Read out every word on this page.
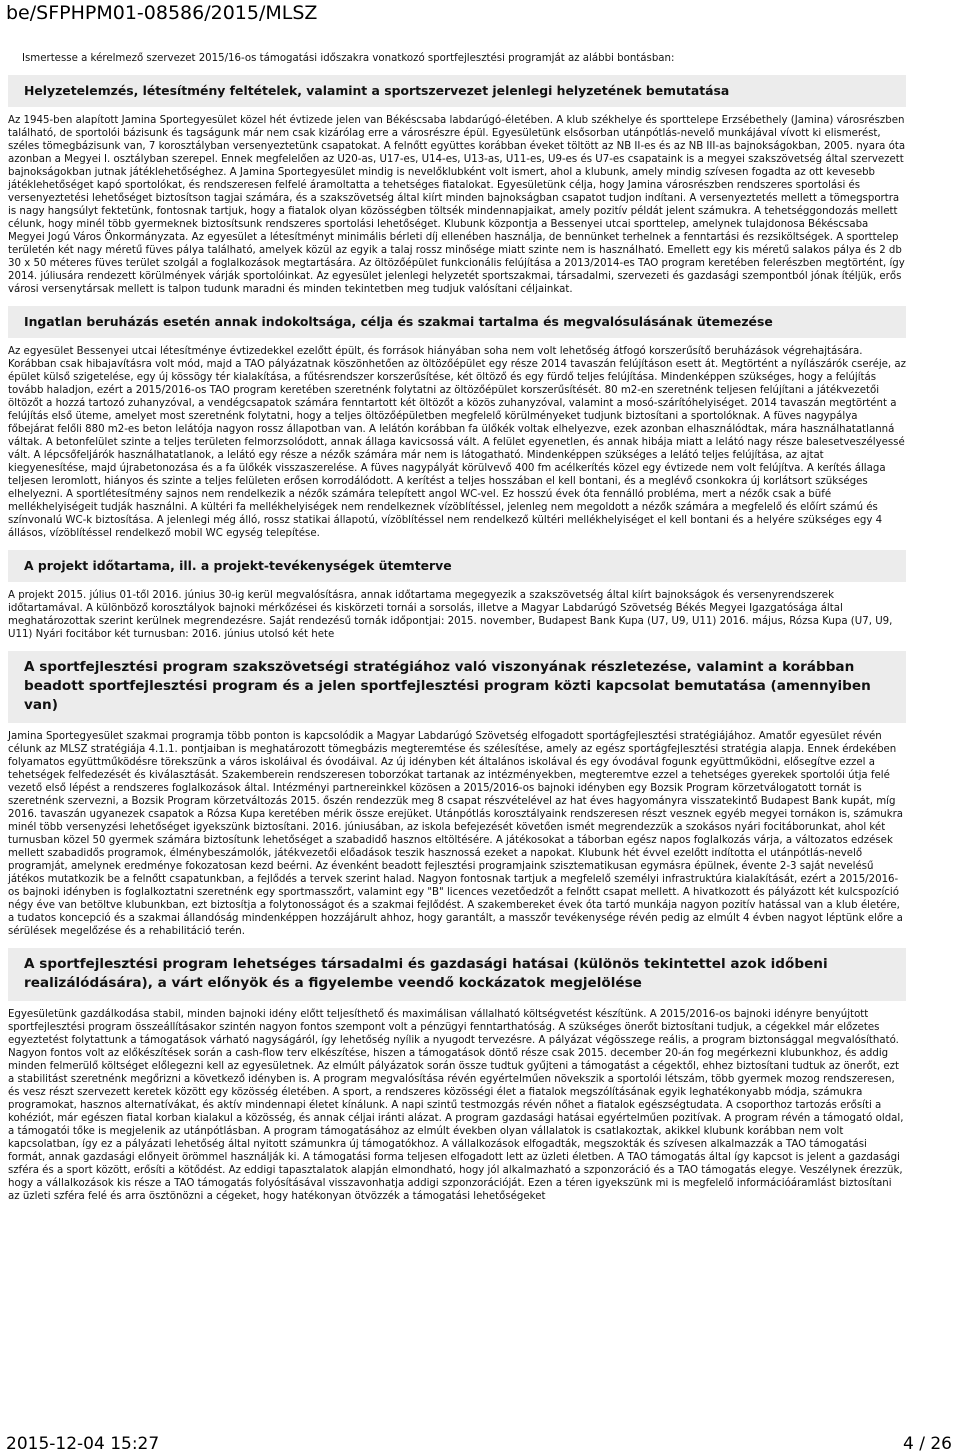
be/SFPHPM01-08586/2015/MLSZ

Ismertesse a kérelmező szervezet 2015/16-os támogatási időszakra vonatkozó sportfejlesztési programját az alábbi bontásban:

Helyzetelemzés, létesítmény feltételek, valamint a sportszervezet jelenlegi helyzetének bemutatása

Az 1945-ben alapított Jamina Sportegyesület közel hét évtizede jelen van Békéscsaba labdarúgó-életében. A klub székhelye és sporttelepe Erzsébethely (Jamina) városrészben található, de sportolói bázisunk és tagságunk már nem csak kizárólag erre a városrészre épül. Egyesületünk elsősorban utánpótlás-nevelő munkájával vívott ki elismerést, széles tömegbázisunk van, 7 korosztályban versenyeztetünk csapatokat. A felnőtt együttes korábban éveket töltött az NB II-es és az NB III-as bajnokságokban, 2005. nyara óta azonban a Megyei I. osztályban szerepel. Ennek megfelelően az U20-as, U17-es, U14-es, U13-as, U11-es, U9-es és U7-es csapataink is a megyei szakszövetség által szervezett bajnokságokban jutnak játéklehetőséghez. A Jamina Sportegyesület mindig is nevelőklubként volt ismert, ahol a klubunk, amely mindig szívesen fogadta az ott kevesebb játéklehetőséget kapó sportolókat, és rendszeresen felfelé áramoltatta a tehetséges fiatalokat. Egyesületünk célja, hogy Jamina városrészben rendszeres sportolási és versenyeztetési lehetőséget biztosítson tagjai számára, és a szakszövetség által kiírt minden bajnokságban csapatot tudjon indítani. A versenyeztetés mellett a tömegsportra is nagy hangsúlyt fektetünk, fontosnak tartjuk, hogy a fiatalok olyan közösségben töltsék mindennapjaikat, amely pozitív példát jelent számukra. A tehetséggondozás mellett célunk, hogy minél több gyermeknek biztosítsunk rendszeres sportolási lehetőséget. Klubunk központja a Bessenyei utcai sporttelep, amelynek tulajdonosa Békéscsaba Megyei Jogú Város Önkormányzata. Az egyesület a létesítményt minimális bérleti díj ellenében használja, de bennünket terhelnek a fenntartási és rezsiköltségek. A sporttelep területén két nagy méretű füves pálya található, amelyek közül az egyik a talaj rossz minősége miatt szinte nem is használható. Emellett egy kis méretű salakos pálya és 2 db 30 x 50 méteres füves terület szolgál a foglalkozások megtartására. Az öltözőépület funkcionális felújítása a 2013/2014-es TAO program keretében felerészben megtörtént, így 2014. júliusára rendezett körülmények várják sportolóinkat. Az egyesület jelenlegi helyzetét sportszakmai, társadalmi, szervezeti és gazdasági szempontból jónak ítéljük, erős városi versenytársak mellett is talpon tudunk maradni és minden tekintetben meg tudjuk valósítani céljainkat.

Ingatlan beruházás esetén annak indokoltsága, célja és szakmai tartalma és megvalósulásának ütemezése

Az egyesület Bessenyei utcai létesítménye évtizedekkel ezelőtt épült, és források hiányában soha nem volt lehetőség átfogó korszerűsítő beruházások végrehajtására. Korábban csak hibajavításra volt mód, majd a TAO pályázatnak köszönhetően az öltözőépület egy része 2014 tavaszán felújításon esett át. Megtörtént a nyílászárók cseréje, az épület külső szigetelése, egy új kössögy tér kialakítása, a fűtésrendszer korszerűsítése, két öltöző és egy fürdő teljes felújítása. Mindenképpen szükséges, hogy a felújítás tovább haladjon, ezért a 2015/2016-os TAO program keretében szeretnénk folytatni az öltözőépület korszerűsítését. 80 m2-en szeretnénk teljesen felújítani a játékvezetői öltözőt a hozzá tartozó zuhanyzóval, a vendégcsapatok számára fenntartott két öltözőt a közös zuhanyzóval, valamint a mosó-szárítóhelyiséget. 2014 tavaszán megtörtént a felújítás első üteme, amelyet most szeretnénk folytatni, hogy a teljes öltözőépületben megfelelő körülményeket tudjunk biztosítani a sportolóknak. A füves nagypálya főbejárat felőli 880 m2-es beton lelátója nagyon rossz állapotban van. A lelátón korábban fa ülőkék voltak elhelyezve, ezek azonban elhasználódtak, mára használhatatlanná váltak. A betonfelület szinte a teljes területen felmorzsolódott, annak állaga kavicsossá vált. A felület egyenetlen, és annak hibája miatt a lelátó nagy része balesetveszélyessé vált. A lépcsőfeljárók használhatatlanok, a lelátó egy része a nézők számára már nem is látogatható. Mindenképpen szükséges a lelátó teljes felújítása, az ajtat kiegyenesítése, majd újrabetonozása és a fa ülőkék visszaszerelése. A füves nagypályát körülvevő 400 fm acélkerítés közel egy évtizede nem volt felújítva. A kerítés állaga teljesen leromlott, hiányos és szinte a teljes felületen erősen korrodálódott. A kerítést a teljes hosszában el kell bontani, és a meglévő csonkokra új korlátsort szükséges elhelyezni. A sportlétesítmény sajnos nem rendelkezik a nézők számára telepített angol WC-vel. Ez hosszú évek óta fennálló probléma, mert a nézők csak a büfé mellékhelyiségeit tudják használni. A kültéri fa mellékhelyiségek nem rendelkeznek vízöblítéssel, jelenleg nem megoldott a nézők számára a megfelelő és előírt számú és színvonalú WC-k biztosítása. A jelenlegi még álló, rossz statikai állapotú, vízöblítéssel nem rendelkező kültéri mellékhelyiséget el kell bontani és a helyére szükséges egy 4 állásos, vízöblítéssel rendelkező mobil WC egység telepítése.

A projekt időtartama, ill. a projekt-tevékenységek ütemterve

A projekt 2015. július 01-től 2016. június 30-ig kerül megvalósításra, annak időtartama megegyezik a szakszövetség által kiírt bajnokságok és versenyrendszerek időtartamával. A különböző korosztályok bajnoki mérkőzései és kiskörzeti tornái a sorsolás, illetve a Magyar Labdarúgó Szövetség Békés Megyei Igazgatósága által meghatározottak szerint kerülnek megrendezésre. Saját rendezésű tornák időpontjai: 2015. november, Budapest Bank Kupa (U7, U9, U11) 2016. május, Rózsa Kupa (U7, U9, U11) Nyári focitábor két turnusban: 2016. június utolsó két hete

A sportfejlesztési program szakszövetségi stratégiához való viszonyának részletezése, valamint a korábban beadott sportfejlesztési program és a jelen sportfejlesztési program közti kapcsolat bemutatása (amennyiben van)

Jamina Sportegyesület szakmai programja több ponton is kapcsolódik a Magyar Labdarúgó Szövetség elfogadott sportágfejlesztési stratégiájához. Amatőr egyesület révén célunk az MLSZ stratégiája 4.1.1. pontjaiban is meghatározott tömegbázis megteremtése és szélesítése, amely az egész sportágfejlesztési stratégia alapja. Ennek érdekében folyamatos együttműködésre törekszünk a város iskoláival és óvodáival. Az új idényben két általános iskolával és egy óvodával fogunk együttműködni, elősegítve ezzel a tehetségek felfedezését és kiválasztását. Szakemberein rendszeresen toborzókat tartanak az intézményekben, megteremtve ezzel a tehetséges gyerekek sportolói útja felé vezető első lépést a rendszeres foglalkozások által. Intézményi partnereinkkel közösen a 2015/2016-os bajnoki idényben egy Bozsik Program körzetválogatott tornát is szeretnénk szervezni, a Bozsik Program körzetváltozás 2015. őszén rendezzük meg 8 csapat részvételével az hat éves hagyományra visszatekintő Budapest Bank kupát, míg 2016. tavaszán ugyanezek csapatok a Rózsa Kupa keretében mérik össze erejüket. Utánpótlás korosztályaink rendszeresen részt vesznek egyéb megyei tornákon is, számukra minél több versenyzési lehetőséget igyekszünk biztosítani. 2016. júniusában, az iskola befejezését követően ismét megrendezzük a szokásos nyári focitáborunkat, ahol két turnusban közel 50 gyermek számára biztosítunk lehetőséget a szabadidő hasznos eltöltésére. A játékosokat a táborban egész napos foglalkozás várja, a változatos edzések mellett szabadidős programok, élménybeszámolók, játékvezetői előadások teszik hasznossá ezeket a napokat. Klubunk hét évvel ezelőtt indította el utánpótlás-nevelő programját, amelynek eredménye fokozatosan kezd beérni. Az évenként beadott fejlesztési programjaink szisztematikusan egymásra épülnek, évente 2-3 saját nevelésű játékos mutatkozik be a felnőtt csapatunkban, a fejlődés a tervek szerint halad. Nagyon fontosnak tartjuk a megfelelő személyi infrastruktúra kialakítását, ezért a 2015/2016-os bajnoki idényben is foglalkoztatni szeretnénk egy sportmasszőrt, valamint egy "B" licences vezetőedzőt a felnőtt csapat mellett. A hivatkozott és pályázott két kulcspozíció négy éve van betöltve klubunkban, ezt biztosítja a folytonosságot és a szakmai fejlődést. A szakembereket évek óta tartó munkája nagyon pozitív hatással van a klub életére, a tudatos koncepció és a szakmai állandóság mindenképpen hozzájárult ahhoz, hogy garantált, a masszőr tevékenysége révén pedig az elmúlt 4 évben nagyot léptünk előre a sérülések megelőzése és a rehabilitáció terén.

A sportfejlesztési program lehetséges társadalmi és gazdasági hatásai (különös tekintettel azok időbeni realizálódására), a várt előnyök és a figyelembe veendő kockázatok megjelölése

Egyesületünk gazdálkodása stabil, minden bajnoki idény előtt teljesíthető és maximálisan vállalható költségvetést készítünk. A 2015/2016-os bajnoki idényre benyújtott sportfejlesztési program összeállításakor szintén nagyon fontos szempont volt a pénzügyi fenntarthatóság. A szükséges önerőt biztosítani tudjuk, a cégekkel már előzetes egyeztetést folytattunk a támogatások várható nagyságáról, így lehetőség nyílik a nyugodt tervezésre. A pályázat végösszege reális, a program biztonsággal megvalósítható. Nagyon fontos volt az előkészítések során a cash-flow terv elkészítése, hiszen a támogatások döntő része csak 2015. december 20-án fog megérkezni klubunkhoz, és addig minden felmerülő költséget előlegezni kell az egyesületnek. Az elmúlt pályázatok során össze tudtuk gyűjteni a támogatást a cégektől, ehhez biztosítani tudtuk az önerőt, ezt a stabilitást szeretnénk megőrizni a következő idényben is. A program megvalósítása révén egyértelműen növekszik a sportolói létszám, több gyermek mozog rendszeresen, és vesz részt szervezett keretek között egy közösség életében. A sport, a rendszeres közösségi élet a fiatalok megszólításának egyik leghatékonyabb módja, számukra programokat, hasznos alternatívákat, és aktív mindennapi életet kínálunk. A napi szintű testmozgás révén nőhet a fiatalok egészségtudata. A csoporthoz tartozás erősíti a kohéziót, már egészen fiatal korban kialakul a közösség, és annak céljai iránti alázat. A program gazdasági hatásai egyértelműen pozitívak. A program révén a támogató oldal, a támogatói tőke is megjelenik az utánpótlásban. A program támogatásához az elmúlt években olyan vállalatok is csatlakoztak, akikkel klubunk korábban nem volt kapcsolatban, így ez a pályázati lehetőség által nyitott számunkra új támogatókhoz. A vállalkozások elfogadták, megszokták és szívesen alkalmazzák a TAO támogatási formát, annak gazdasági előnyeit örömmel használják ki. A támogatási forma teljesen elfogadott lett az üzleti életben. A TAO támogatás által így kapcsot is jelent a gazdasági szféra és a sport között, erősíti a kötődést. Az eddigi tapasztalatok alapján elmondható, hogy jól alkalmazható a szponzoráció és a TAO támogatás elegye. Veszélynek érezzük, hogy a vállalkozások kis része a TAO támogatás folyósításával visszavonhatja addigi szponzorációját. Ezen a téren igyekszünk mi is megfelelő információáramlást biztosítani az üzleti szféra felé és arra ösztönözni a cégeket, hogy hatékonyan ötvözzék a támogatási lehetőségeket

2015-12-04 15:27	4 / 26
